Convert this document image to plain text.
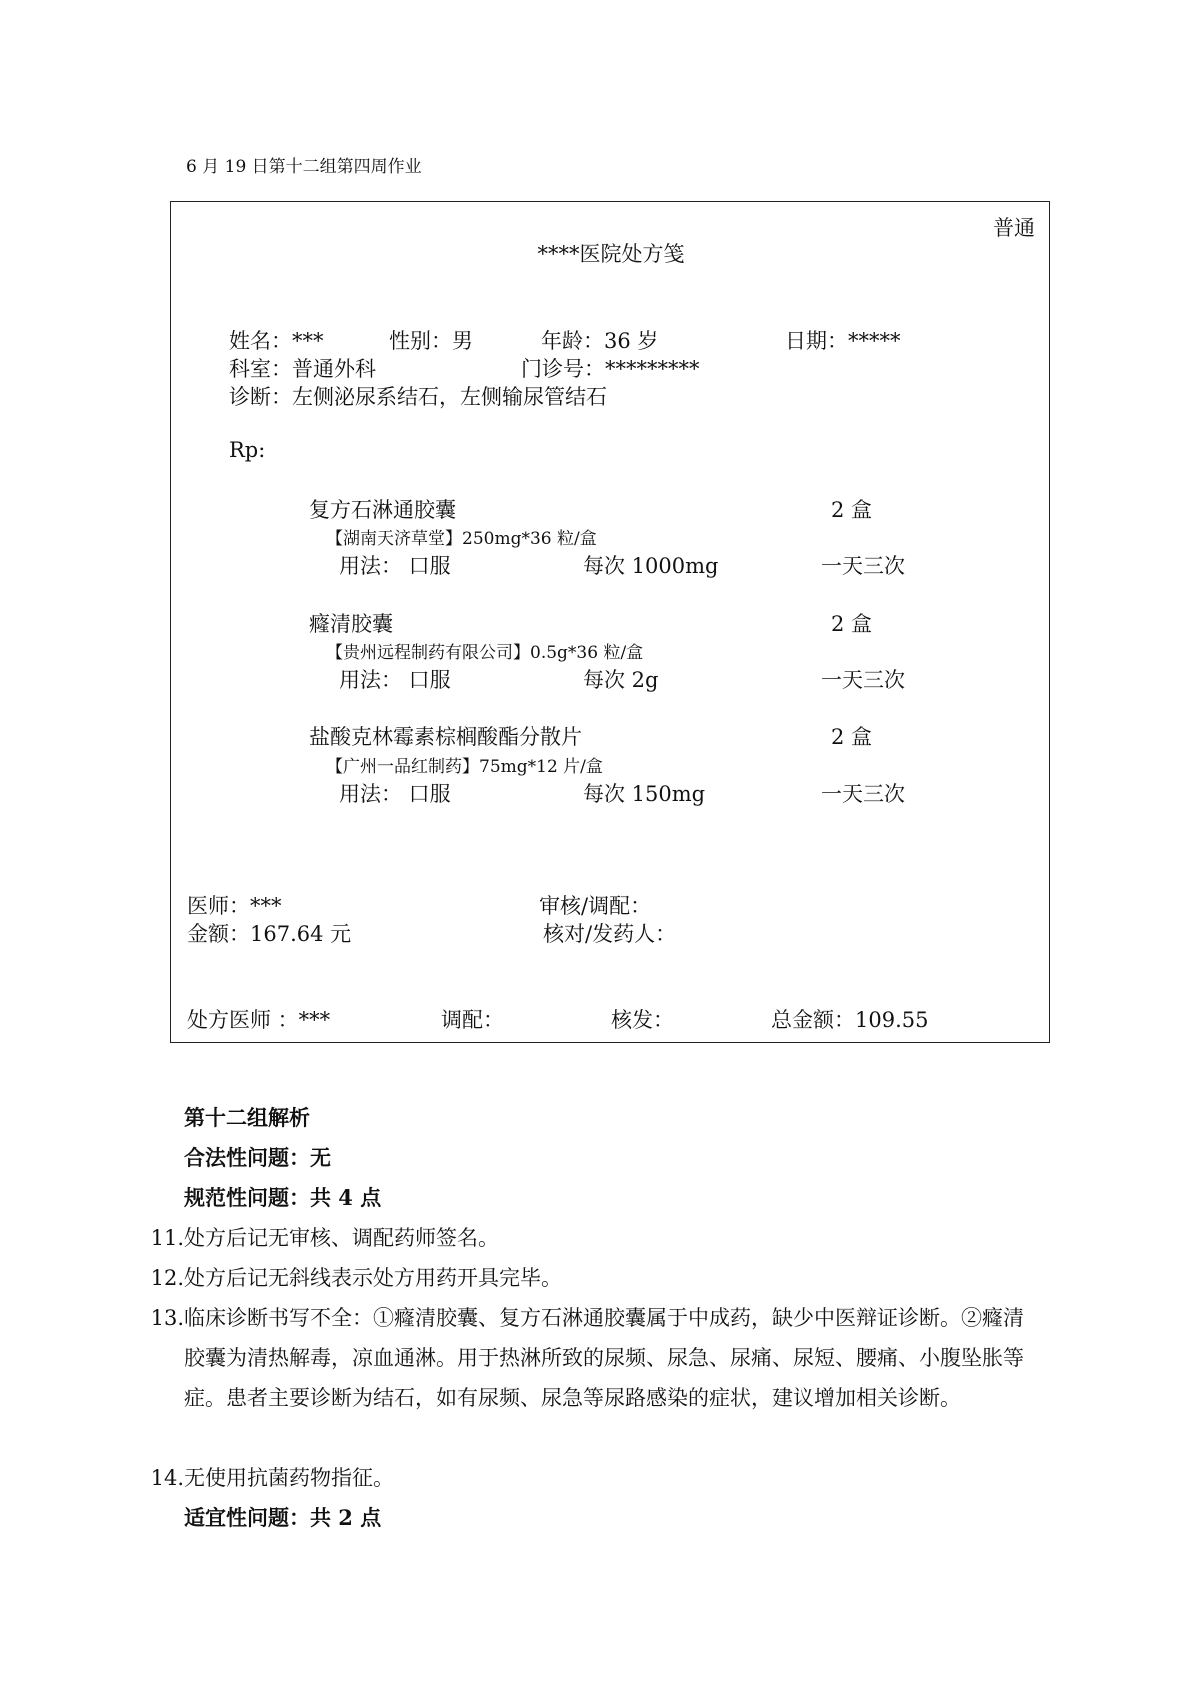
6 月 19 日第十二组第四周作业
普通
****医院处方笺
姓名：***	性别：男	年龄：36 岁	日期：*****
科室：普通外科	门诊号：*********
诊断：左侧泌尿系结石，左侧输尿管结石
Rp:
复方石淋通胶囊	2 盒
【湖南天济草堂】250mg*36 粒/盒
用法： 口服	每次 1000mg	一天三次
癃清胶囊	2 盒
【贵州远程制药有限公司】0.5g*36 粒/盒
用法： 口服	每次 2g	一天三次
盐酸克林霉素棕榈酸酯分散片	2 盒
【广州一品红制药】75mg*12 片/盒
用法： 口服	每次 150mg	一天三次
医师：***	审核/调配：
金额：167.64 元	核对/发药人：
处方医师 ：***	调配：	核发：	总金额：109.55
第十二组解析
合法性问题：无
规范性问题：共 4 点
11. 处方后记无审核、调配药师签名。
12. 处方后记无斜线表示处方用药开具完毕。
13. 临床诊断书写不全：①癃清胶囊、复方石淋通胶囊属于中成药，缺少中医辩证诊断。②癃清胶囊为清热解毒，凉血通淋。用于热淋所致的尿频、尿急、尿痛、尿短、腰痛、小腹坠胀等症。患者主要诊断为结石，如有尿频、尿急等尿路感染的症状，建议增加相关诊断。
14. 无使用抗菌药物指征。
适宜性问题：共 2 点
